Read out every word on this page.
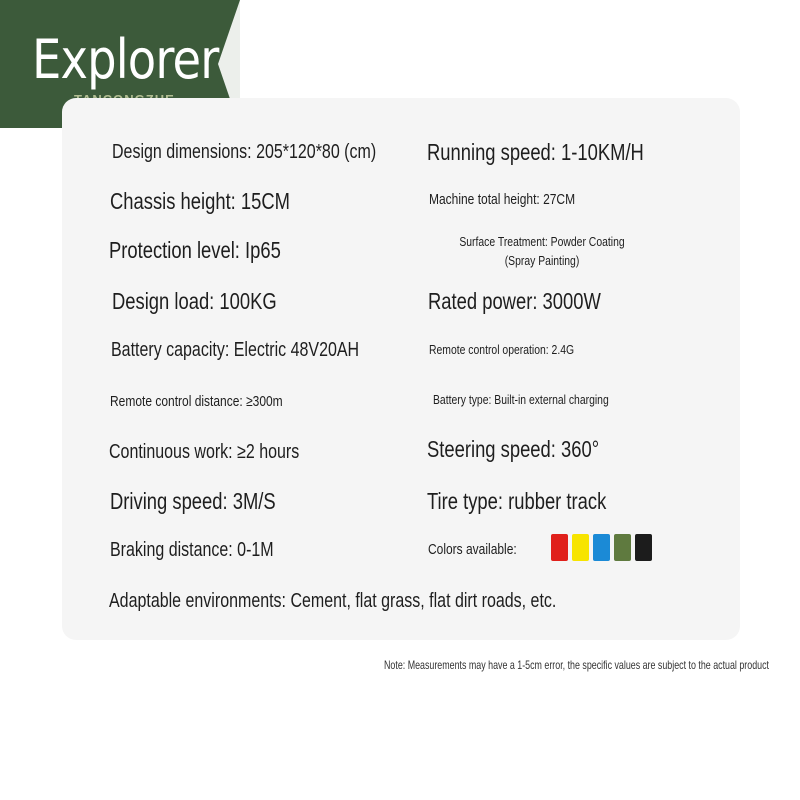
Explorer
Design dimensions: 205*120*80 (cm) Running speed: 1-10KM/H
Chassis height: 15CM	Machine total height: 27CM
Protection level: Ip65	Surface Treatment: Powder Coating (Spray Painting)
Design load: 100KG	Rated power: 3000W
Battery capacity: Electric 48V20AH	Remote control operation: 2.4G
Remote control distance: ≥300m	Battery type: Built-in external charging
Continuous work: ≥2 hours	Steering speed: 360°
Driving speed: 3M/S	Tire type: rubber track
Braking distance: 0-1M	Colors available:
Adaptable environments: Cement, flat grass, flat dirt roads, etc.
Note: Measurements may have a 1-5cm error, the specific values are subject to the actual product
